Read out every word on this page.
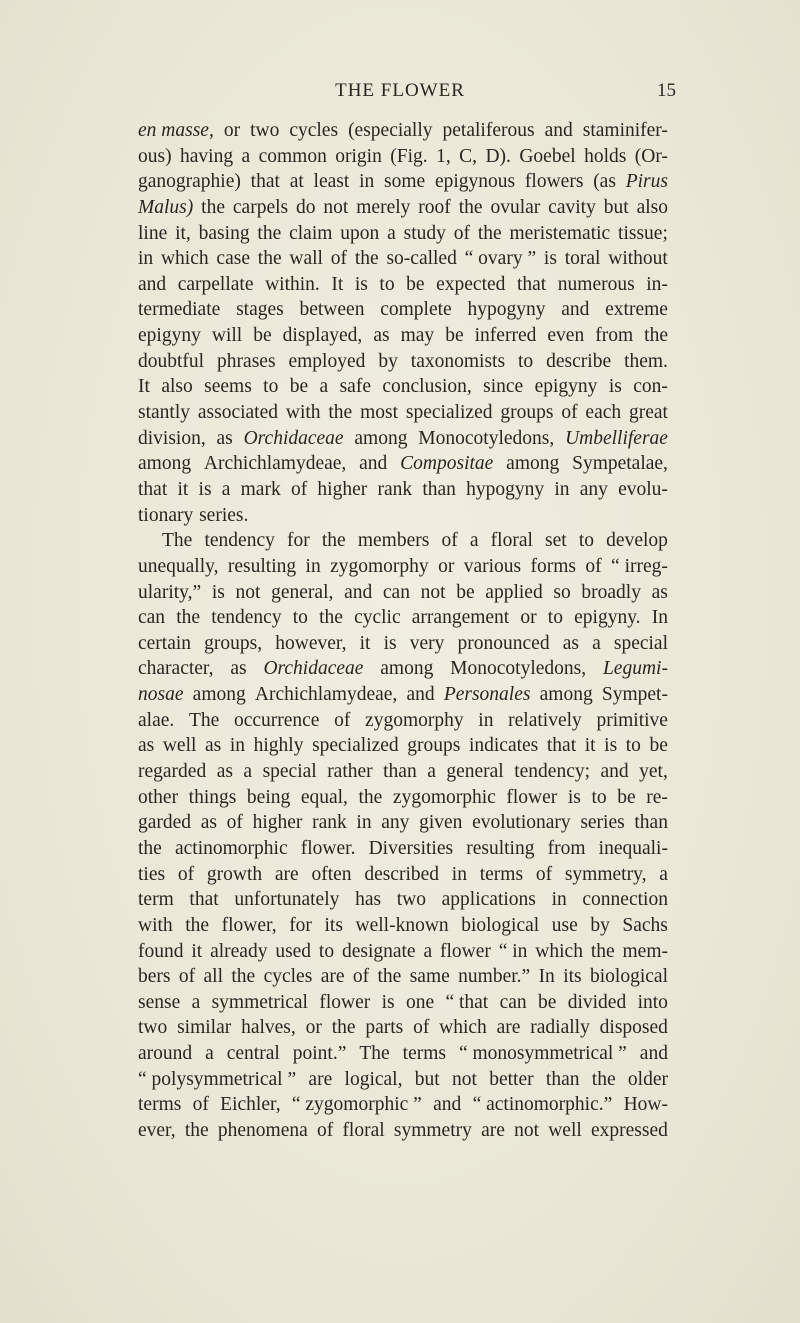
THE FLOWER	15
en masse, or two cycles (especially petaliferous and staminifer-
ous) having a common origin (Fig. 1, C, D). Goebel holds (Or-
ganographie) that at least in some epigynous flowers (as Pirus
Malus) the carpels do not merely roof the ovular cavity but also
line it, basing the claim upon a study of the meristematic tissue;
in which case the wall of the so-called “ ovary ” is toral without
and carpellate within. It is to be expected that numerous in-
termediate stages between complete hypogyny and extreme
epigyny will be displayed, as may be inferred even from the
doubtful phrases employed by taxonomists to describe them.
It also seems to be a safe conclusion, since epigyny is con-
stantly associated with the most specialized groups of each great
division, as Orchidaceae among Monocotyledons, Umbelliferae
among Archichlamydeae, and Compositae among Sympetalae,
that it is a mark of higher rank than hypogyny in any evolu-
tionary series.
The tendency for the members of a floral set to develop
unequally, resulting in zygomorphy or various forms of “ irreg-
ularity,” is not general, and can not be applied so broadly as
can the tendency to the cyclic arrangement or to epigyny. In
certain groups, however, it is very pronounced as a special
character, as Orchidaceae among Monocotyledons, Legumi-
nosae among Archichlamydeae, and Personales among Sympet-
alae. The occurrence of zygomorphy in relatively primitive
as well as in highly specialized groups indicates that it is to be
regarded as a special rather than a general tendency; and yet,
other things being equal, the zygomorphic flower is to be re-
garded as of higher rank in any given evolutionary series than
the actinomorphic flower. Diversities resulting from inequali-
ties of growth are often described in terms of symmetry, a
term that unfortunately has two applications in connection
with the flower, for its well-known biological use by Sachs
found it already used to designate a flower “ in which the mem-
bers of all the cycles are of the same number.” In its biological
sense a symmetrical flower is one “ that can be divided into
two similar halves, or the parts of which are radially disposed
around a central point.” The terms “ monosymmetrical ” and
“ polysymmetrical ” are logical, but not better than the older
terms of Eichler, “ zygomorphic ” and “ actinomorphic.” How-
ever, the phenomena of floral symmetry are not well expressed
